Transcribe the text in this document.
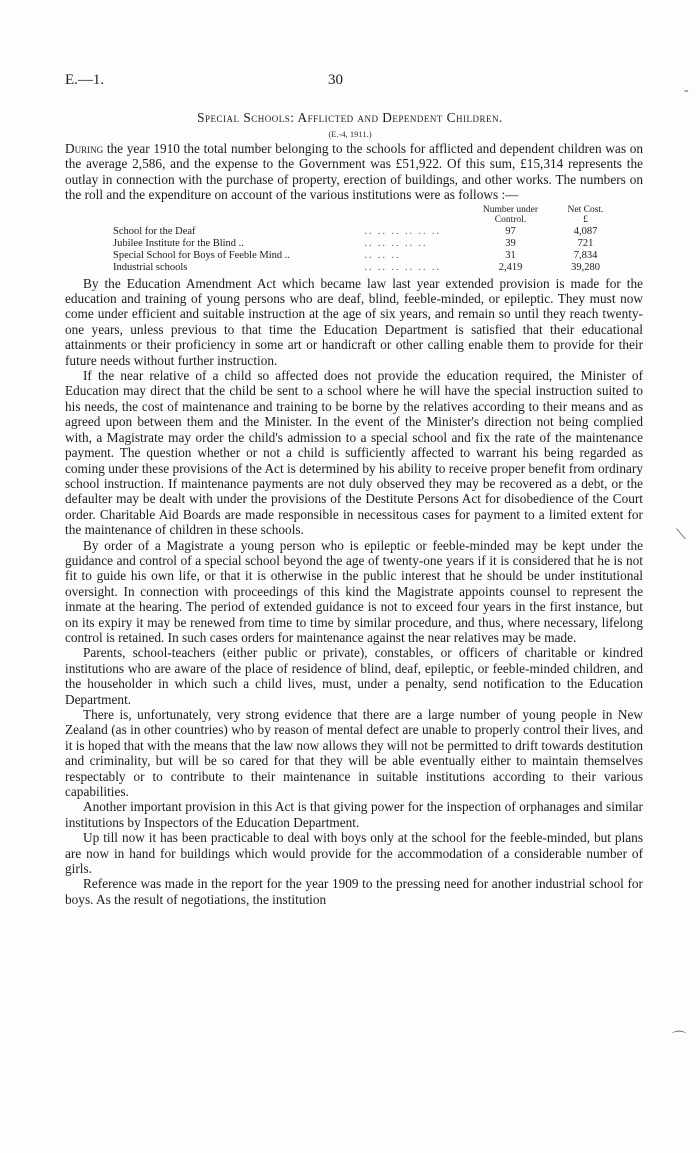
E.—1.	30
Special Schools: Afflicted and Dependent Children.
(E.-4, 1911.)

During the year 1910 the total number belonging to the schools for afflicted and dependent children was on the average 2,586, and the expense to the Government was £51,922. Of this sum, £15,314 represents the outlay in connection with the purchase of property, erection of buildings, and other works. The numbers on the roll and the expenditure on account of the various institutions were as follows :—

		Number under Control.	Net Cost.
£
School for the Deaf	.. .. .. .. .. ..	97	4,087
Jubilee Institute for the Blind ..	.. .. .. .. ..	39	721
Special School for Boys of Feeble Mind ..	.. .. ..	31	7,834
Industrial schools	.. .. .. .. .. ..	2,419	39,280

By the Education Amendment Act which became law last year extended provision is made for the education and training of young persons who are deaf, blind, feeble-minded, or epileptic. They must now come under efficient and suitable instruction at the age of six years, and remain so until they reach twenty-one years, unless previous to that time the Education Department is satisfied that their educational attainments or their proficiency in some art or handicraft or other calling enable them to provide for their future needs without further instruction.

If the near relative of a child so affected does not provide the education required, the Minister of Education may direct that the child be sent to a school where he will have the special instruction suited to his needs, the cost of maintenance and training to be borne by the relatives according to their means and as agreed upon between them and the Minister. In the event of the Minister's direction not being complied with, a Magistrate may order the child's admission to a special school and fix the rate of the maintenance payment. The question whether or not a child is sufficiently affected to warrant his being regarded as coming under these provisions of the Act is determined by his ability to receive proper benefit from ordinary school instruction. If maintenance payments are not duly observed they may be recovered as a debt, or the defaulter may be dealt with under the provisions of the Destitute Persons Act for disobedience of the Court order. Charitable Aid Boards are made responsible in necessitous cases for payment to a limited extent for the maintenance of children in these schools.

By order of a Magistrate a young person who is epileptic or feeble-minded may be kept under the guidance and control of a special school beyond the age of twenty-one years if it is considered that he is not fit to guide his own life, or that it is otherwise in the public interest that he should be under institutional oversight. In connection with proceedings of this kind the Magistrate appoints counsel to represent the inmate at the hearing. The period of extended guidance is not to exceed four years in the first instance, but on its expiry it may be renewed from time to time by similar procedure, and thus, where necessary, lifelong control is retained. In such cases orders for maintenance against the near relatives may be made.

Parents, school-teachers (either public or private), constables, or officers of charitable or kindred institutions who are aware of the place of residence of blind, deaf, epileptic, or feeble-minded children, and the householder in which such a child lives, must, under a penalty, send notification to the Education Department.

There is, unfortunately, very strong evidence that there are a large number of young people in New Zealand (as in other countries) who by reason of mental defect are unable to properly control their lives, and it is hoped that with the means that the law now allows they will not be permitted to drift towards destitution and criminality, but will be so cared for that they will be able eventually either to maintain themselves respectably or to contribute to their maintenance in suitable institutions according to their various capabilities.

Another important provision in this Act is that giving power for the inspection of orphanages and similar institutions by Inspectors of the Education Department.

Up till now it has been practicable to deal with boys only at the school for the feeble-minded, but plans are now in hand for buildings which would provide for the accommodation of a considerable number of girls.

Reference was made in the report for the year 1909 to the pressing need for another industrial school for boys. As the result of negotiations, the institution

‐
⟍
⌒
